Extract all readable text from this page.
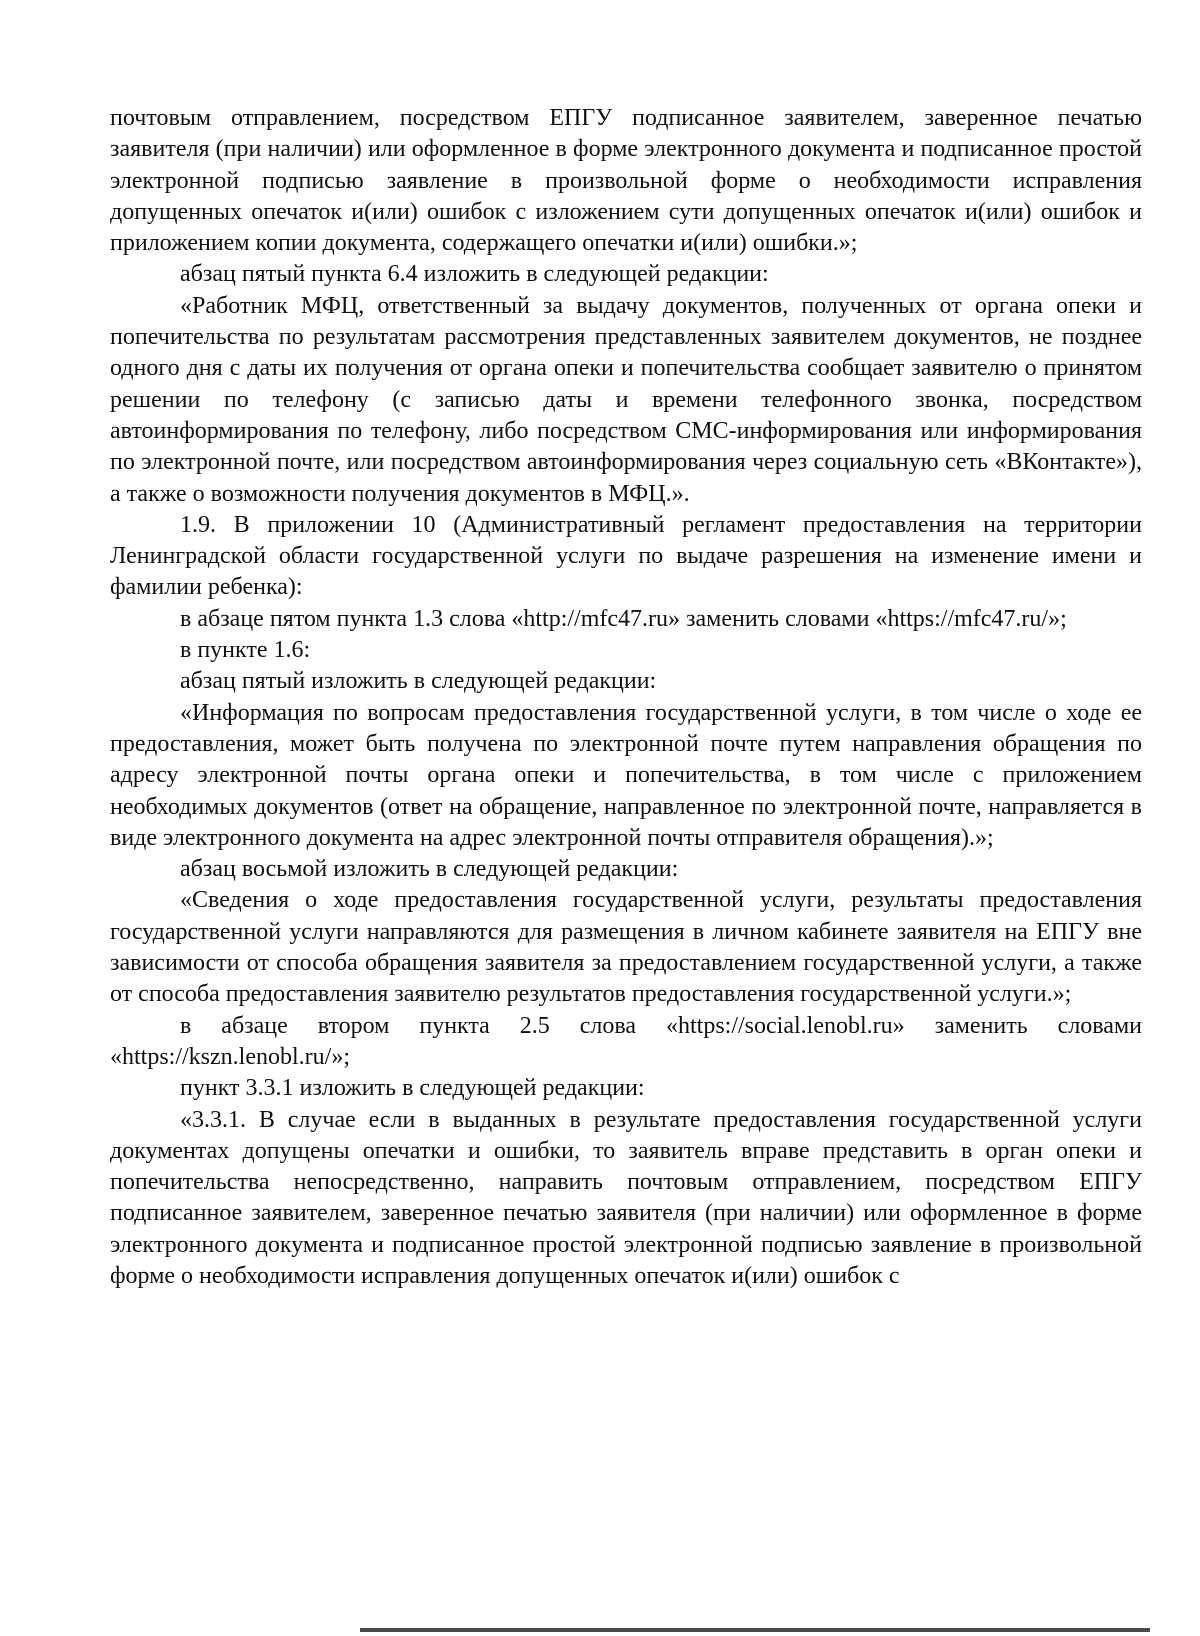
почтовым отправлением, посредством ЕПГУ подписанное заявителем, заверенное печатью заявителя (при наличии) или оформленное в форме электронного документа и подписанное простой электронной подписью заявление в произвольной форме о необходимости исправления допущенных опечаток и(или) ошибок с изложением сути допущенных опечаток и(или) ошибок и приложением копии документа, содержащего опечатки и(или) ошибки.»;

абзац пятый пункта 6.4 изложить в следующей редакции:

«Работник МФЦ, ответственный за выдачу документов, полученных от органа опеки и попечительства по результатам рассмотрения представленных заявителем документов, не позднее одного дня с даты их получения от органа опеки и попечительства сообщает заявителю о принятом решении по телефону (с записью даты и времени телефонного звонка, посредством автоинформирования по телефону, либо посредством СМС-информирования или информирования по электронной почте, или посредством автоинформирования через социальную сеть «ВКонтакте»), а также о возможности получения документов в МФЦ.».

1.9. В приложении 10 (Административный регламент предоставления на территории Ленинградской области государственной услуги по выдаче разрешения на изменение имени и фамилии ребенка):

в абзаце пятом пункта 1.3 слова «http://mfc47.ru» заменить словами «https://mfc47.ru/»;

в пункте 1.6:

абзац пятый изложить в следующей редакции:

«Информация по вопросам предоставления государственной услуги, в том числе о ходе ее предоставления, может быть получена по электронной почте путем направления обращения по адресу электронной почты органа опеки и попечительства, в том числе с приложением необходимых документов (ответ на обращение, направленное по электронной почте, направляется в виде электронного документа на адрес электронной почты отправителя обращения).»;

абзац восьмой изложить в следующей редакции:

«Сведения о ходе предоставления государственной услуги, результаты предоставления государственной услуги направляются для размещения в личном кабинете заявителя на ЕПГУ вне зависимости от способа обращения заявителя за предоставлением государственной услуги, а также от способа предоставления заявителю результатов предоставления государственной услуги.»;

в абзаце втором пункта 2.5 слова «https://social.lenobl.ru» заменить словами «https://kszn.lenobl.ru/»;

пункт 3.3.1 изложить в следующей редакции:

«3.3.1. В случае если в выданных в результате предоставления государственной услуги документах допущены опечатки и ошибки, то заявитель вправе представить в орган опеки и попечительства непосредственно, направить почтовым отправлением, посредством ЕПГУ подписанное заявителем, заверенное печатью заявителя (при наличии) или оформленное в форме электронного документа и подписанное простой электронной подписью заявление в произвольной форме о необходимости исправления допущенных опечаток и(или) ошибок с
